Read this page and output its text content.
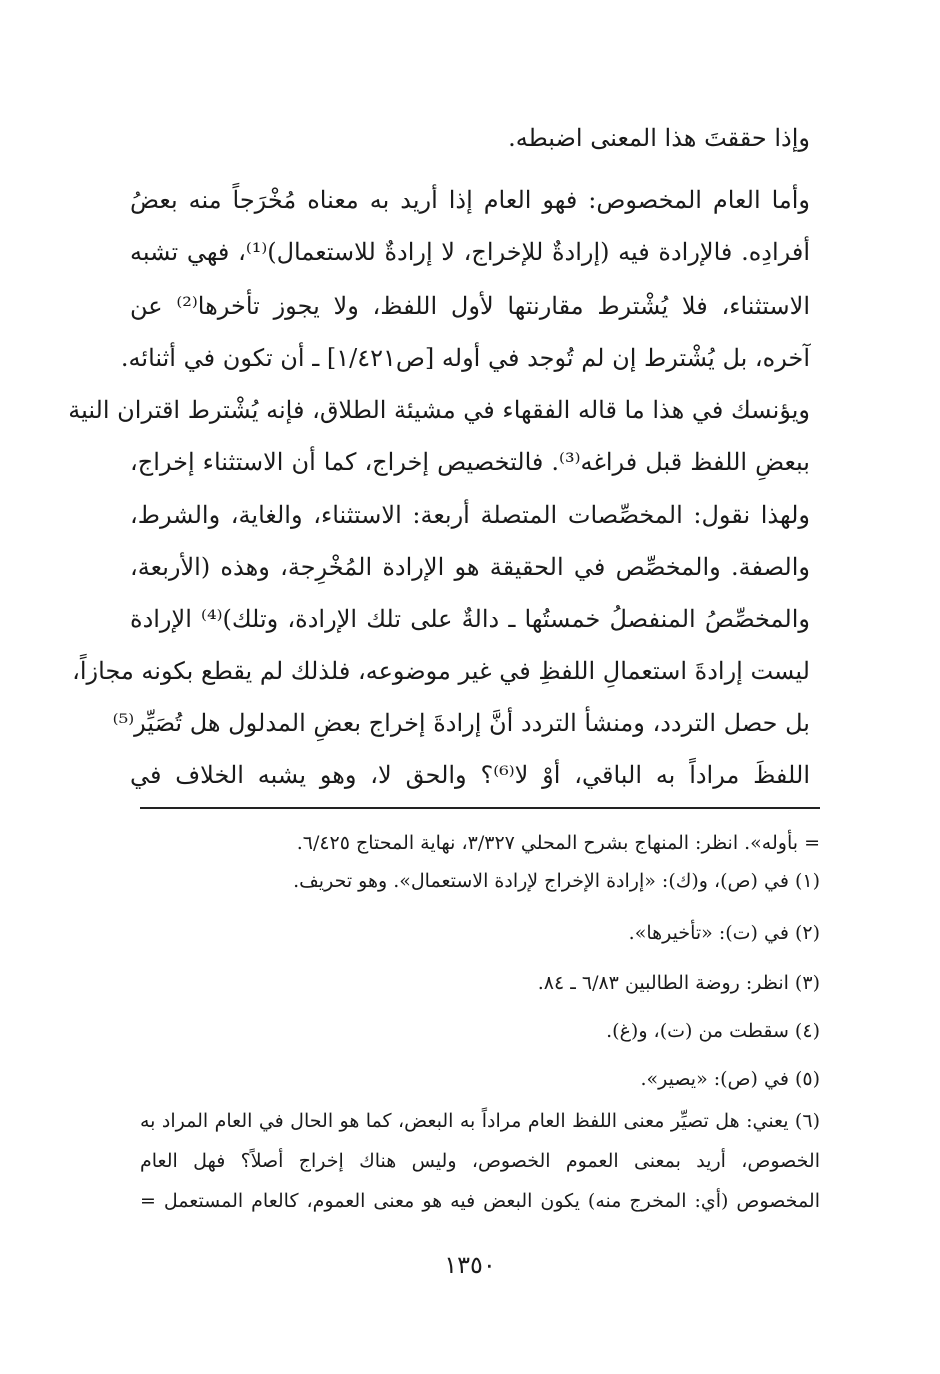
وإذا حققتَ هذا المعنى اضبطه.
وأما العام المخصوص: فهو العام إذا أريد به معناه مُخْرَجاً منه بعضُ
أفرادِه. فالإرادة فيه (إرادةٌ للإخراج، لا إرادةٌ للاستعمال)⁽¹⁾، فهي تشبه
الاستثناء، فلا يُشْترط مقارنتها لأول اللفظ، ولا يجوز تأخرها⁽²⁾ عن
آخره، بل يُشْترط إن لم تُوجد في أوله [ص١/٤٢١] ـ أن تكون في أثنائه.
ويؤنسك في هذا ما قاله الفقهاء في مشيئة الطلاق، فإنه يُشْترط اقتران النية
ببعضِ اللفظ قبل فراغه⁽³⁾. فالتخصيص إخراج، كما أن الاستثناء إخراج،
ولهذا نقول: المخصِّصات المتصلة أربعة: الاستثناء، والغاية، والشرط،
والصفة. والمخصِّص في الحقيقة هو الإرادة المُخْرِجة، وهذه (الأربعة،
والمخصِّصُ المنفصلُ خمستُها ـ دالةٌ على تلك الإرادة، وتلك)⁽⁴⁾ الإرادة
ليست إرادةَ استعمالِ اللفظِ في غير موضوعه، فلذلك لم يقطع بكونه مجازاً،
بل حصل التردد، ومنشأ التردد أنَّ إرادةَ إخراج بعضِ المدلول هل تُصَيِّر⁽⁵⁾
اللفظَ مراداً به الباقي، أوْ لا⁽⁶⁾؟ والحق لا، وهو يشبه الخلاف في
= بأوله». انظر: المنهاج بشرح المحلي ٣/٣٢٧، نهاية المحتاج ٦/٤٢٥.
(١) في (ص)، و(ك): «إرادة الإخراج لإرادة الاستعمال». وهو تحريف.
(٢) في (ت): «تأخيرها».
(٣) انظر: روضة الطالبين ٦/٨٣ ـ ٨٤.
(٤) سقطت من (ت)، و(غ).
(٥) في (ص): «يصير».
(٦) يعني: هل تصيِّر معنى اللفظ العام مراداً به البعض، كما هو الحال في العام المراد به
الخصوص، أريد بمعنى العموم الخصوص، وليس هناك إخراج أصلاً؟ فهل العام
المخصوص (أي: المخرج منه) يكون البعض فيه هو معنى العموم، كالعام المستعمل =
١٣٥٠
